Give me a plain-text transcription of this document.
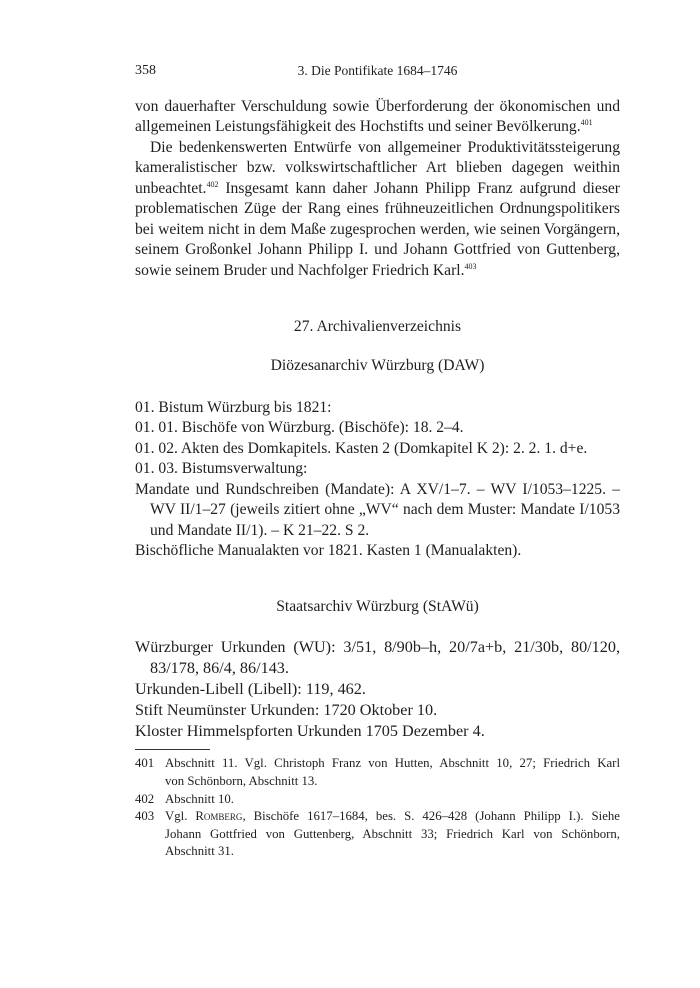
358	3. Die Pontifikate 1684–1746
von dauerhafter Verschuldung sowie Überforderung der ökonomischen und
allgemeinen Leistungsfähigkeit des Hochstifts und seiner Bevölkerung.$^{401}$
Die bedenkenswerten Entwürfe von allgemeiner Produktivitätssteigerung
kameralistischer bzw. volkswirtschaftlicher Art blieben dagegen weithin
unbeachtet.$^{402}$ Insgesamt kann daher Johann Philipp Franz aufgrund dieser
problematischen Züge der Rang eines frühneuzeitlichen Ordnungspolitikers
bei weitem nicht in dem Maße zugesprochen werden, wie seinen Vorgängern,
seinem Großonkel Johann Philipp I. und Johann Gottfried von Guttenberg,
sowie seinem Bruder und Nachfolger Friedrich Karl.$^{403}$
27. Archivalienverzeichnis
Diözesanarchiv Würzburg (DAW)
01. Bistum Würzburg bis 1821:
01. 01. Bischöfe von Würzburg. (Bischöfe): 18. 2–4.
01. 02. Akten des Domkapitels. Kasten 2 (Domkapitel K 2): 2. 2. 1. d+e.
01. 03. Bistumsverwaltung:
Mandate und Rundschreiben (Mandate): A XV/1–7. – WV I/1053–1225. –
WV II/1–27 (jeweils zitiert ohne „WV“ nach dem Muster: Mandate I/1053
und Mandate II/1). – K 21–22. S 2.
Bischöfliche Manualakten vor 1821. Kasten 1 (Manualakten).
Staatsarchiv Würzburg (StAWü)
Würzburger Urkunden (WU): 3/51, 8/90b–h, 20/7a+b, 21/30b, 80/120,
83/178, 86/4, 86/143.
Urkunden-Libell (Libell): 119, 462.
Stift Neumünster Urkunden: 1720 Oktober 10.
Kloster Himmelspforten Urkunden 1705 Dezember 4.
401 Abschnitt 11. Vgl. Christoph Franz von Hutten, Abschnitt 10, 27; Friedrich Karl
von Schönborn, Abschnitt 13.
402 Abschnitt 10.
403 Vgl. Romberg, Bischöfe 1617–1684, bes. S. 426–428 (Johann Philipp I.). Siehe
Johann Gottfried von Guttenberg, Abschnitt 33; Friedrich Karl von Schönborn,
Abschnitt 31.
